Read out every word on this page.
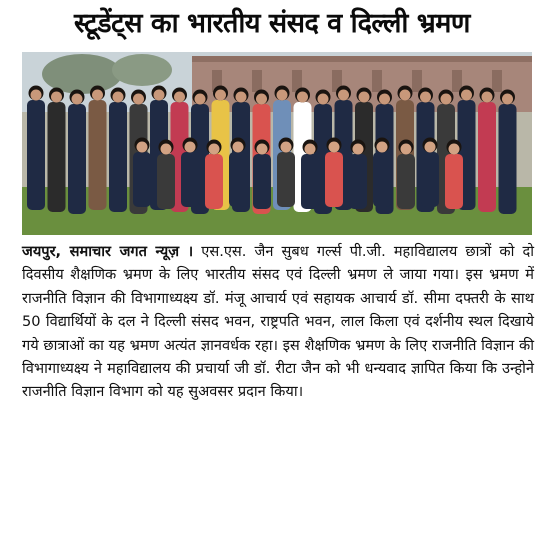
स्टूडेंट्स का भारतीय संसद व दिल्ली भ्रमण

जयपुर, समाचार जगत न्यूज़ । एस.एस. जैन सुबध गर्ल्स पी.जी. महाविद्यालय छात्रों को दो दिवसीय शैक्षणिक भ्रमण के लिए भारतीय संसद एवं दिल्ली भ्रमण ले जाया गया। इस भ्रमण में राजनीति विज्ञान की विभागाध्यक्ष्य डॉ. मंजू आचार्य एवं सहायक आचार्य डॉ. सीमा दफ्तरी के साथ 50 विद्यार्थियों के दल ने दिल्ली संसद भवन, राष्ट्रपति भवन, लाल किला एवं दर्शनीय स्थल दिखाये गये छात्राओं का यह भ्रमण अत्यंत ज्ञानवर्धक रहा। इस शैक्षणिक भ्रमण के लिए राजनीति विज्ञान की विभागाध्यक्ष्य ने महाविद्यालय की प्रचार्या जी डॉ. रीटा जैन को भी धन्यवाद ज्ञापित किया कि उन्होने राजनीति विज्ञान विभाग को यह सुअवसर प्रदान किया।
